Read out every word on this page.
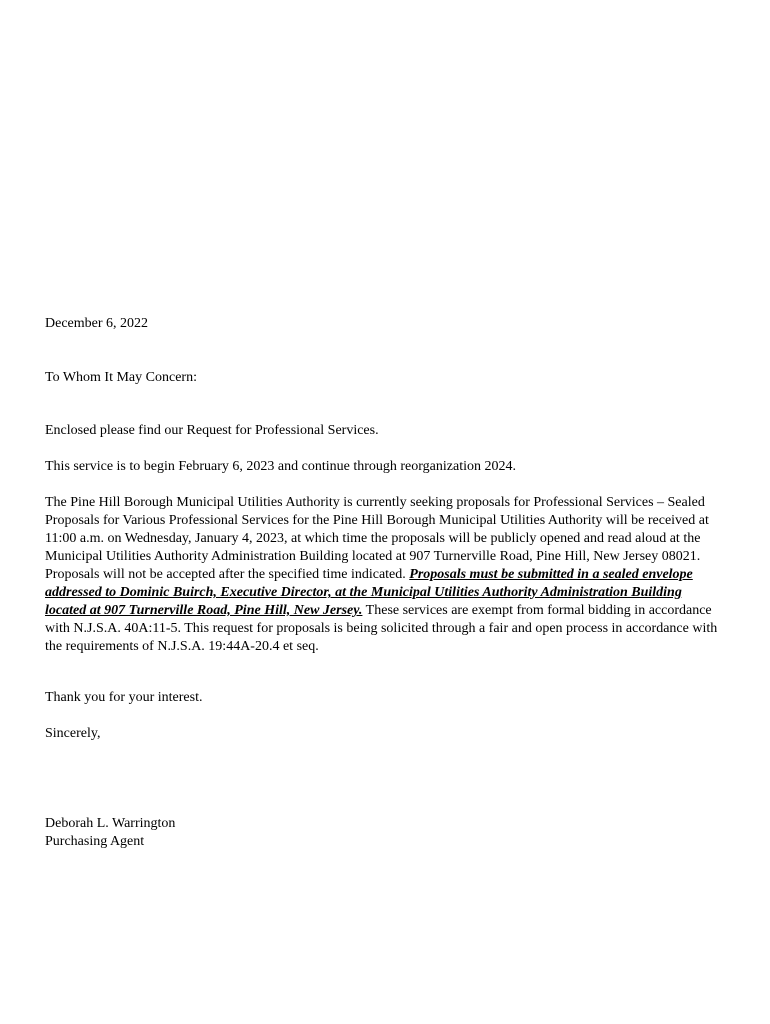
December 6, 2022

To Whom It May Concern:

Enclosed please find our Request for Professional Services.

This service is to begin February 6, 2023 and continue through reorganization 2024.

The Pine Hill Borough Municipal Utilities Authority is currently seeking proposals for Professional Services – Sealed Proposals for Various Professional Services for the Pine Hill Borough Municipal Utilities Authority will be received at 11:00 a.m. on Wednesday, January 4, 2023, at which time the proposals will be publicly opened and read aloud at the Municipal Utilities Authority Administration Building located at 907 Turnerville Road, Pine Hill, New Jersey 08021. Proposals will not be accepted after the specified time indicated. Proposals must be submitted in a sealed envelope addressed to Dominic Buirch, Executive Director, at the Municipal Utilities Authority Administration Building located at 907 Turnerville Road, Pine Hill, New Jersey. These services are exempt from formal bidding in accordance with N.J.S.A. 40A:11-5. This request for proposals is being solicited through a fair and open process in accordance with the requirements of N.J.S.A. 19:44A-20.4 et seq.

Thank you for your interest.

Sincerely,

Deborah L. Warrington
Purchasing Agent
